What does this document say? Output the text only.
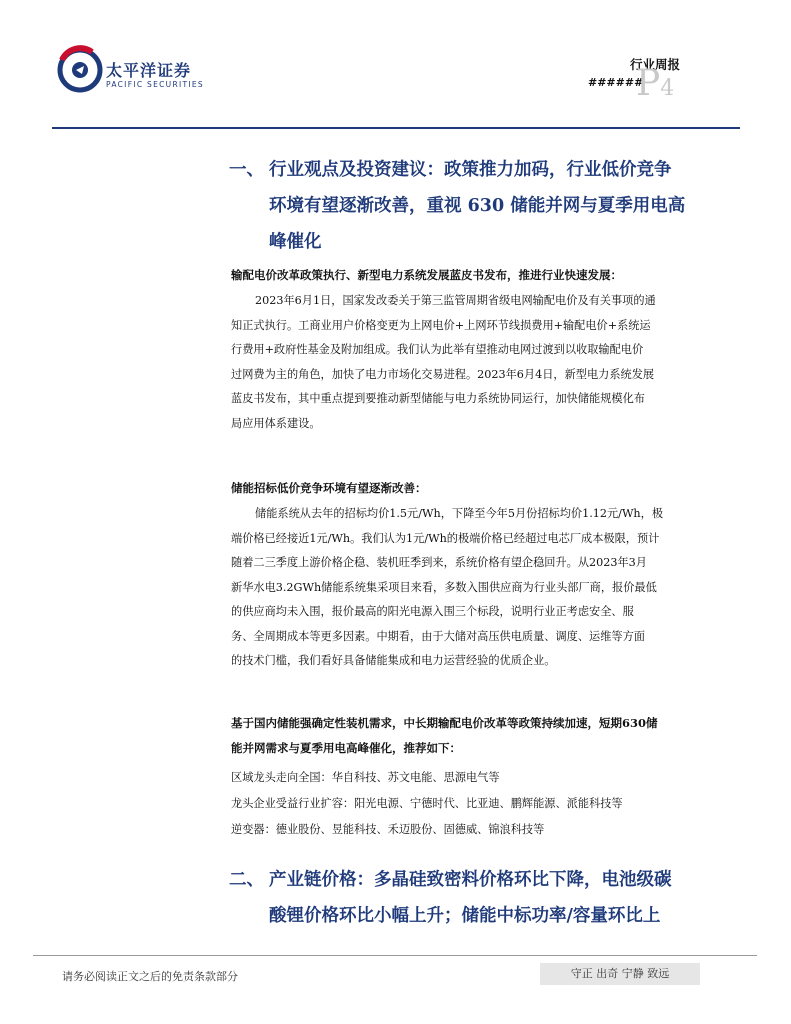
太平洋证券
PACIFIC SECURITIES
行业周报
######
P4
一、 行业观点及投资建议：政策推力加码，行业低价竞争
环境有望逐渐改善，重视 630 储能并网与夏季用电高
峰催化
输配电价改革政策执行、新型电力系统发展蓝皮书发布，推进行业快速发展：
2023年6月1日，国家发改委关于第三监管周期省级电网输配电价及有关事项的通
知正式执行。工商业用户价格变更为上网电价+上网环节线损费用+输配电价+系统运
行费用+政府性基金及附加组成。我们认为此举有望推动电网过渡到以收取输配电价
过网费为主的角色，加快了电力市场化交易进程。2023年6月4日，新型电力系统发展
蓝皮书发布，其中重点提到要推动新型储能与电力系统协同运行，加快储能规模化布
局应用体系建设。
储能招标低价竞争环境有望逐渐改善：
储能系统从去年的招标均价1.5元/Wh，下降至今年5月份招标均价1.12元/Wh，极
端价格已经接近1元/Wh。我们认为1元/Wh的极端价格已经超过电芯厂成本极限，预计
随着二三季度上游价格企稳、装机旺季到来，系统价格有望企稳回升。从2023年3月
新华水电3.2GWh储能系统集采项目来看，多数入围供应商为行业头部厂商，报价最低
的供应商均未入围，报价最高的阳光电源入围三个标段，说明行业正考虑安全、服
务、全周期成本等更多因素。中期看，由于大储对高压供电质量、调度、运维等方面
的技术门槛，我们看好具备储能集成和电力运营经验的优质企业。
基于国内储能强确定性装机需求，中长期输配电价改革等政策持续加速，短期630储
能并网需求与夏季用电高峰催化，推荐如下：
区域龙头走向全国：华自科技、苏文电能、思源电气等
龙头企业受益行业扩容：阳光电源、宁德时代、比亚迪、鹏辉能源、派能科技等
逆变器：德业股份、昱能科技、禾迈股份、固德威、锦浪科技等
二、 产业链价格：多晶硅致密料价格环比下降，电池级碳
酸锂价格环比小幅上升；储能中标功率/容量环比上
请务必阅读正文之后的免责条款部分	守正 出奇 宁静 致远
